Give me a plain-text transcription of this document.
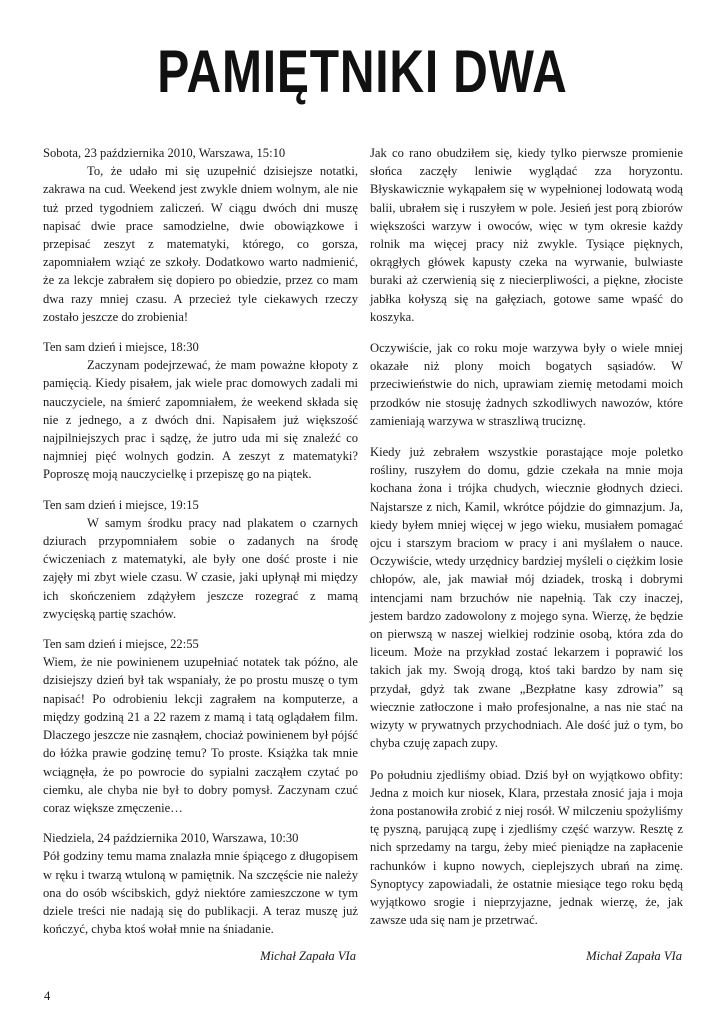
PAMIĘTNIKI DWA

Sobota, 23 października 2010, Warszawa, 15:10

To, że udało mi się uzupełnić dzisiejsze notatki, zakrawa na cud. Weekend jest zwykle dniem wolnym, ale nie tuż przed tygodniem zaliczeń. W ciągu dwóch dni muszę napisać dwie prace samodzielne, dwie obowiązkowe i przepisać zeszyt z matematyki, którego, co gorsza, zapomniałem wziąć ze szkoły. Dodatkowo warto nadmienić, że za lekcje zabrałem się dopiero po obiedzie, przez co mam dwa razy mniej czasu. A przecież tyle ciekawych rzeczy zostało jeszcze do zrobienia!

Ten sam dzień i miejsce, 18:30

Zaczynam podejrzewać, że mam poważne kłopoty z pamięcią. Kiedy pisałem, jak wiele prac domowych zadali mi nauczyciele, na śmierć zapomniałem, że weekend składa się nie z jednego, a z dwóch dni. Napisałem już większość najpilniejszych prac i sądzę, że jutro uda mi się znaleźć co najmniej pięć wolnych godzin. A zeszyt z matematyki? Poproszę moją nauczycielkę i przepiszę go na piątek.

Ten sam dzień i miejsce, 19:15

W samym środku pracy nad plakatem o czarnych dziurach przypomniałem sobie o zadanych na środę ćwiczeniach z matematyki, ale były one dość proste i nie zajęły mi zbyt wiele czasu. W czasie, jaki upłynął mi między ich skończeniem zdążyłem jeszcze rozegrać z mamą zwycięską partię szachów.

Ten sam dzień i miejsce, 22:55

Wiem, że nie powinienem uzupełniać notatek tak późno, ale dzisiejszy dzień był tak wspaniały, że po prostu muszę o tym napisać! Po odrobieniu lekcji zagrałem na komputerze, a między godziną 21 a 22 razem z mamą i tatą oglądałem film. Dlaczego jeszcze nie zasnąłem, chociaż powinienem był pójść do łóżka prawie godzinę temu? To proste. Książka tak mnie wciągnęła, że po powrocie do sypialni zacząłem czytać po ciemku, ale chyba nie był to dobry pomysł. Zaczynam czuć coraz większe zmęczenie…

Niedziela, 24 października 2010, Warszawa, 10:30

Pół godziny temu mama znalazła mnie śpiącego z długopisem w ręku i twarzą wtuloną w pamiętnik. Na szczęście nie należy ona do osób wścibskich, gdyż niektóre zamieszczone w tym dziele treści nie nadają się do publikacji. A teraz muszę już kończyć, chyba ktoś wołał mnie na śniadanie.

Jak co rano obudziłem się, kiedy tylko pierwsze promienie słońca zaczęły leniwie wyglądać zza horyzontu. Błyskawicznie wykąpałem się w wypełnionej lodowatą wodą balii, ubrałem się i ruszyłem w pole. Jesień jest porą zbiorów większości warzyw i owoców, więc w tym okresie każdy rolnik ma więcej pracy niż zwykle. Tysiące pięknych, okrągłych główek kapusty czeka na wyrwanie, bulwiaste buraki aż czerwienią się z niecierpliwości, a piękne, złociste jabłka kołyszą się na gałęziach, gotowe same wpaść do koszyka.

Oczywiście, jak co roku moje warzywa były o wiele mniej okazałe niż plony moich bogatych sąsiadów. W przeciwieństwie do nich, uprawiam ziemię metodami moich przodków nie stosuję żadnych szkodliwych nawozów, które zamieniają warzywa w straszliwą truciznę.

Kiedy już zebrałem wszystkie porastające moje poletko rośliny, ruszyłem do domu, gdzie czekała na mnie moja kochana żona i trójka chudych, wiecznie głodnych dzieci. Najstarsze z nich, Kamil, wkrótce pójdzie do gimnazjum. Ja, kiedy byłem mniej więcej w jego wieku, musiałem pomagać ojcu i starszym braciom w pracy i ani myślałem o nauce. Oczywiście, wtedy urzędnicy bardziej myśleli o ciężkim losie chłopów, ale, jak mawiał mój dziadek, troską i dobrymi intencjami nam brzuchów nie napełnią. Tak czy inaczej, jestem bardzo zadowolony z mojego syna. Wierzę, że będzie on pierwszą w naszej wielkiej rodzinie osobą, która zda do liceum. Może na przykład zostać lekarzem i poprawić los takich jak my. Swoją drogą, ktoś taki bardzo by nam się przydał, gdyż tak zwane „Bezpłatne kasy zdrowia” są wiecznie zatłoczone i mało profesjonalne, a nas nie stać na wizyty w prywatnych przychodniach. Ale dość już o tym, bo chyba czuję zapach zupy.

Po południu zjedliśmy obiad. Dziś był on wyjątkowo obfity: Jedna z moich kur niosek, Klara, przestała znosić jaja i moja żona postanowiła zrobić z niej rosół. W milczeniu spożyliśmy tę pyszną, parującą zupę i zjedliśmy część warzyw. Resztę z nich sprzedamy na targu, żeby mieć pieniądze na zapłacenie rachunków i kupno nowych, cieplejszych ubrań na zimę. Synoptycy zapowiadali, że ostatnie miesiące tego roku będą wyjątkowo srogie i nieprzyjazne, jednak wierzę, że, jak zawsze uda się nam je przetrwać.

Michał Zapała VIa	Michał Zapała VIa
4
